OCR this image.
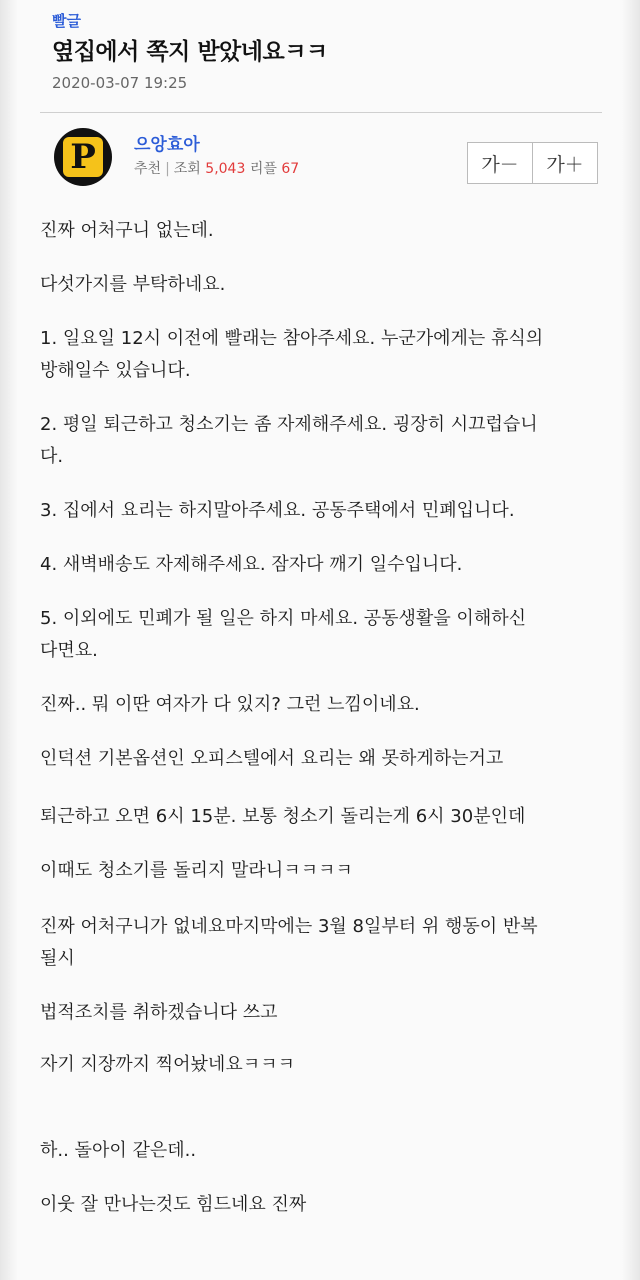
빨글
옆집에서 쪽지 받았네요ㅋㅋ
2020-03-07 19:25
P 으앙효아
추천 | 조회 5,043 리플 67	가－	가＋
진짜 어처구니 없는데.
다섯가지를 부탁하네요.
1. 일요일 12시 이전에 빨래는 참아주세요. 누군가에게는 휴식의
방해일수 있습니다.
2. 평일 퇴근하고 청소기는 좀 자제해주세요. 굉장히 시끄럽습니
다.
3. 집에서 요리는 하지말아주세요. 공동주택에서 민폐입니다.
4. 새벽배송도 자제해주세요. 잠자다 깨기 일수입니다.
5. 이외에도 민폐가 될 일은 하지 마세요. 공동생활을 이해하신
다면요.
진짜.. 뭐 이딴 여자가 다 있지? 그런 느낌이네요.
인덕션 기본옵션인 오피스텔에서 요리는 왜 못하게하는거고
퇴근하고 오면 6시 15분. 보통 청소기 돌리는게 6시 30분인데
이때도 청소기를 돌리지 말라니ㅋㅋㅋㅋ
진짜 어처구니가 없네요마지막에는 3월 8일부터 위 행동이 반복
될시
법적조치를 취하겠습니다 쓰고
자기 지장까지 찍어놨네요ㅋㅋㅋ
하.. 돌아이 같은데..
이웃 잘 만나는것도 힘드네요 진짜
